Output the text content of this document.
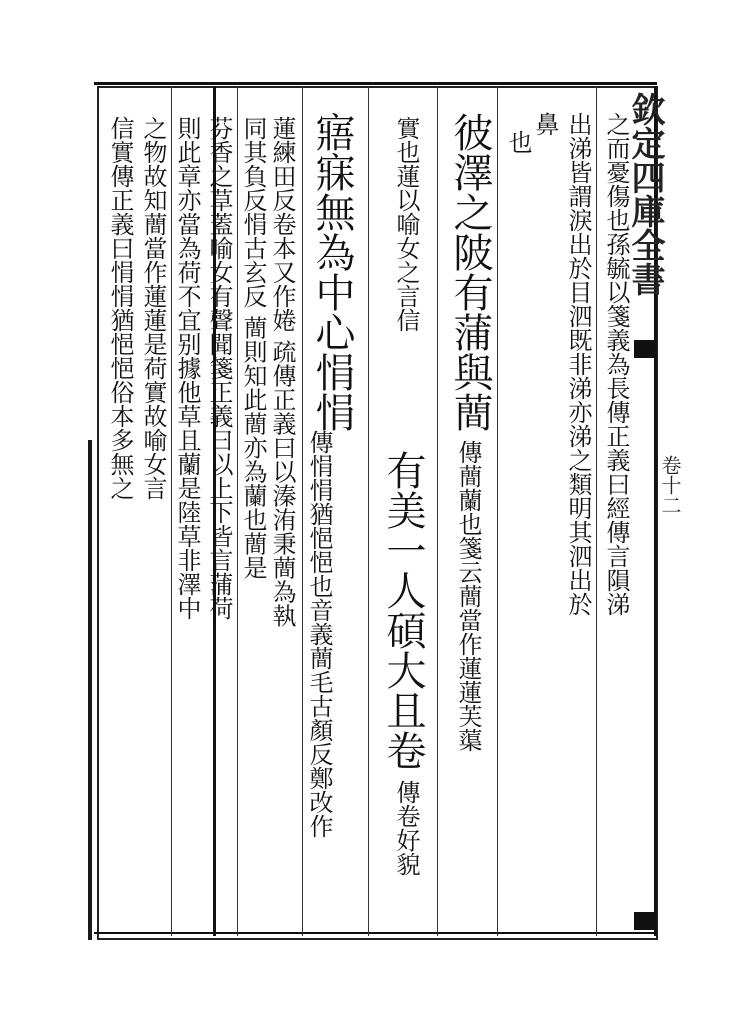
欽定四庫全書
卷十二
之而憂傷也孫毓以箋義為長傳正義曰經傳言隕涕
出涕皆謂淚出於目泗既非涕亦涕之類明其泗出於
鼻
也
彼澤之陂有蒲與蕳
傳蕳蘭也箋云蕳當作蓮蓮芙蕖
實也蓮以喻女之言信
有美一人碩大且卷
傳卷好貌
寤寐無為中心悁悁
傳悁悁猶悒悒也音義蕳毛古顏反鄭改作
蓮練田反卷本又作婘 疏傳正義曰以溱洧秉蕳為執
同其負反悁古玄反 蕳則知此蕳亦為蘭也蕳是
芬香之草蓋喻女有聲聞箋正義曰以上下皆言蒲荷
則此章亦當為荷不宜别據他草且蘭是陸草非澤中
之物故知蕳當作蓮蓮是荷實故喻女言
信實傳正義曰悁悁猶悒悒俗本多無之
